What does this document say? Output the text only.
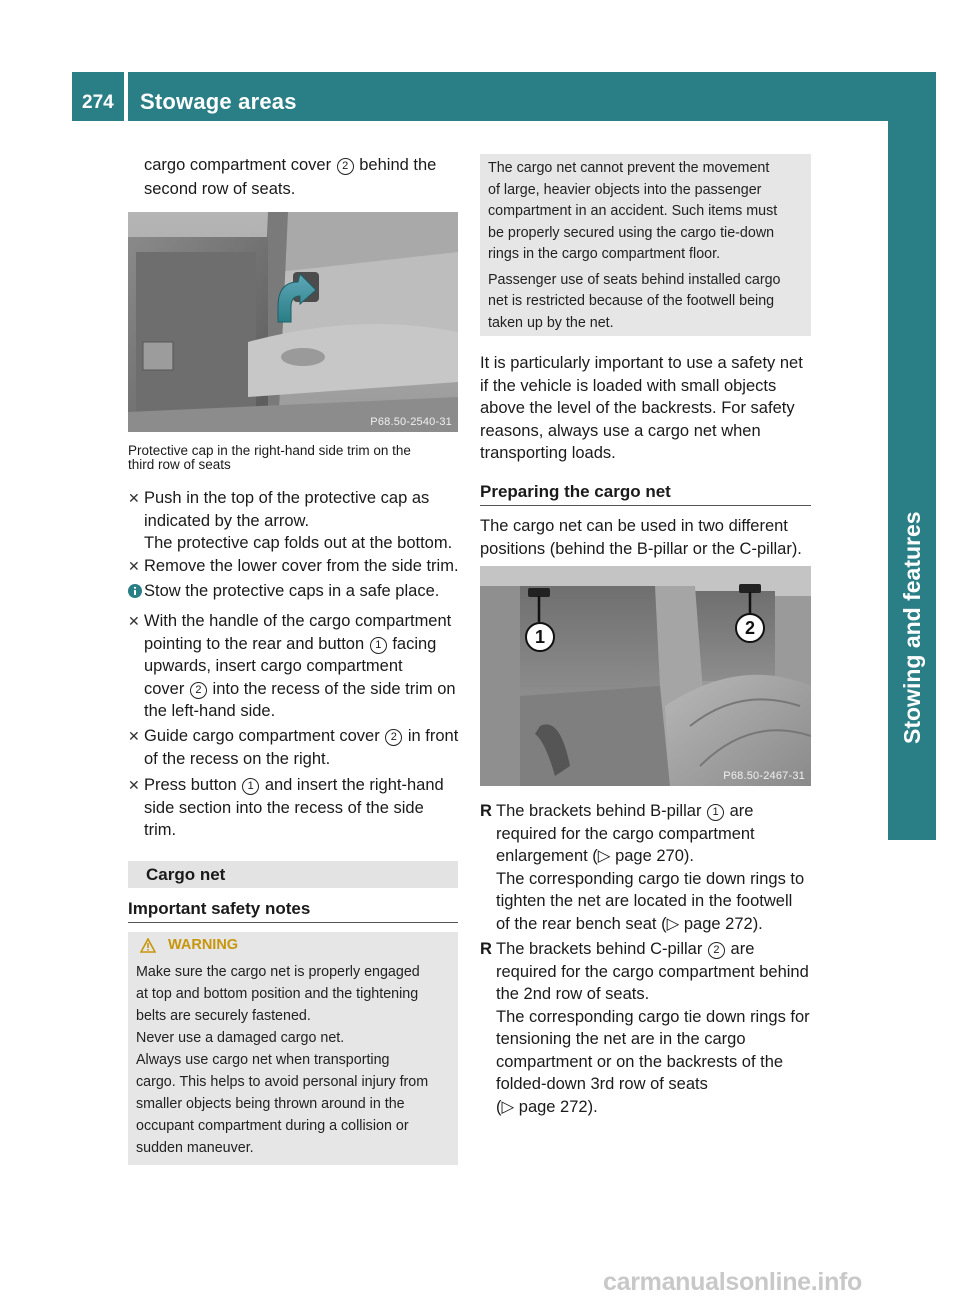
274 Stowage areas
Stowing and features
cargo compartment cover 2 behind the
second row of seats.
P68.50-2540-31
Protective cap in the right-hand side trim on the
third row of seats
✕ Push in the top of the protective cap as
indicated by the arrow.
The protective cap folds out at the bottom.
✕ Remove the lower cover from the side trim.
Stow the protective caps in a safe place.
✕ With the handle of the cargo compartment
pointing to the rear and button 1 facing
upwards, insert cargo compartment
cover 2 into the recess of the side trim on
the left-hand side.
✕ Guide cargo compartment cover 2 in front
of the recess on the right.
✕ Press button 1 and insert the right-hand
side section into the recess of the side trim.
Cargo net
Important safety notes
WARNING
Make sure the cargo net is properly engaged
at top and bottom position and the tightening
belts are securely fastened.
Never use a damaged cargo net.
Always use cargo net when transporting
cargo. This helps to avoid personal injury from
smaller objects being thrown around in the
occupant compartment during a collision or
sudden maneuver.
The cargo net cannot prevent the movement
of large, heavier objects into the passenger
compartment in an accident. Such items must
be properly secured using the cargo tie-down
rings in the cargo compartment floor.
Passenger use of seats behind installed cargo
net is restricted because of the footwell being
taken up by the net.
It is particularly important to use a safety net
if the vehicle is loaded with small objects
above the level of the backrests. For safety
reasons, always use a cargo net when
transporting loads.
Preparing the cargo net
The cargo net can be used in two different
positions (behind the B-pillar or the C-pillar).
1	2
P68.50-2467-31
R The brackets behind B-pillar 1 are
required for the cargo compartment
enlargement (▷ page 270).
The corresponding cargo tie down rings to
tighten the net are located in the footwell
of the rear bench seat (▷ page 272).
R The brackets behind C-pillar 2 are
required for the cargo compartment behind
the 2nd row of seats.
The corresponding cargo tie down rings for
tensioning the net are in the cargo
compartment or on the backrests of the
folded-down 3rd row of seats
(▷ page 272).
carmanualsonline.info
